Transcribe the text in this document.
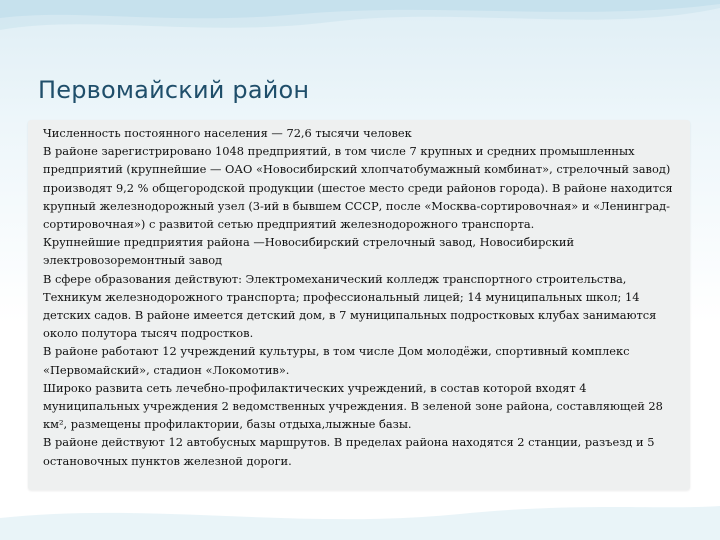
Первомайский район

Численность постоянного населения — 72,6 тысячи человек

В районе зарегистрировано 1048 предприятий, в том числе 7 крупных и средних промышленных предприятий (крупнейшие — ОАО «Новосибирский хлопчатобумажный комбинат», стрелочный завод) производят 9,2 % общегородской продукции (шестое место среди районов города). В районе находится крупный железнодорожный узел (3-ий в бывшем СССР, после «Москва-сортировочная» и «Ленинград-сортировочная») с развитой сетью предприятий железнодорожного транспорта.

Крупнейшие предприятия района —Новосибирский стрелочный завод, Новосибирский электровозоремонтный завод

В сфере образования действуют: Электромеханический колледж транспортного строительства, Техникум железнодорожного транспорта; профессиональный лицей; 14 муниципальных школ; 14 детских садов. В районе имеется детский дом, в 7 муниципальных подростковых клубах занимаются около полутора тысяч подростков.

В районе работают 12 учреждений культуры, в том числе Дом молодёжи, спортивный комплекс «Первомайский», стадион «Локомотив».

Широко развита сеть лечебно-профилактических учреждений, в состав которой входят 4 муниципальных учреждения 2 ведомственных учреждения. В зеленой зоне района, составляющей 28 км², размещены профилактории, базы отдыха,лыжные базы.

В районе действуют 12 автобусных маршрутов. В пределах района находятся 2 станции, разъезд и 5 остановочных пунктов железной дороги.
